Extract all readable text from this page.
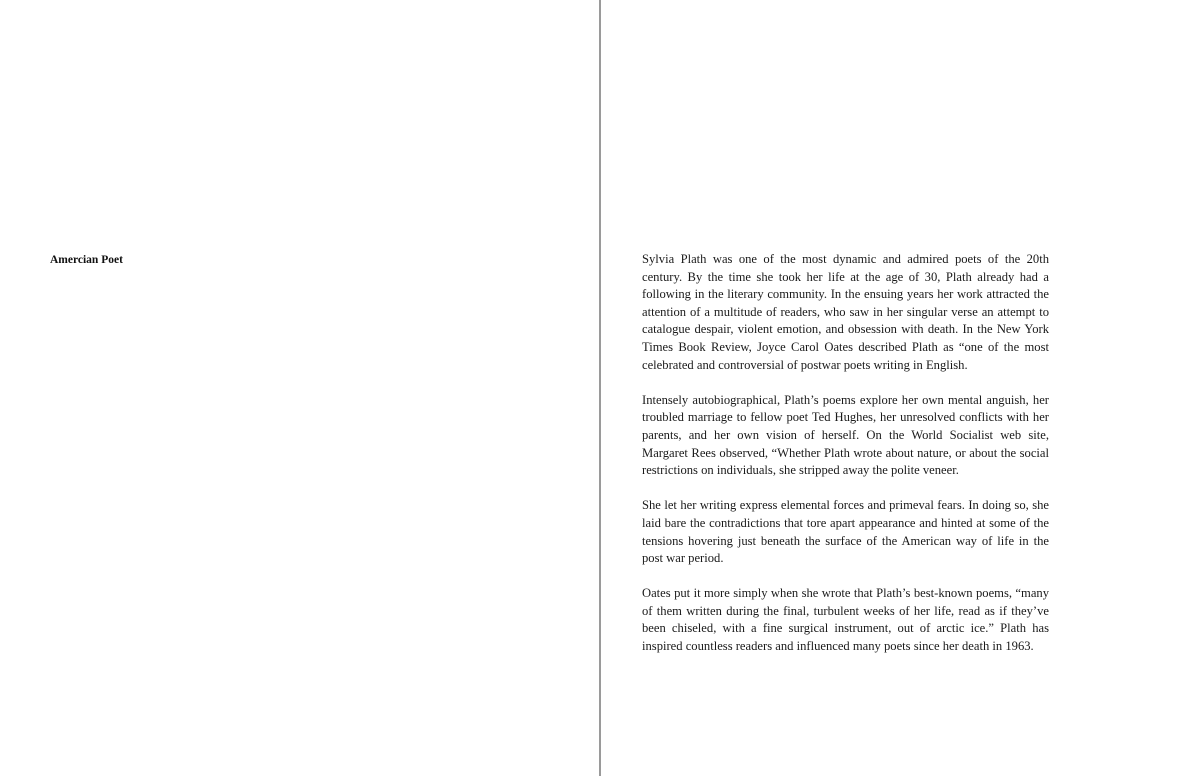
Amercian Poet	Sylvia Plath was one of the most dynamic and admired poets of the 20th century. By the time she took her life at the age of 30, Plath already had a following in the literary community. In the ensuing years her work attracted the attention of a multitude of readers, who saw in her singular verse an attempt to catalogue despair, violent emotion, and obsession with death. In the New York Times Book Review, Joyce Carol Oates described Plath as “one of the most celebrated and controversial of postwar poets writing in English.

Intensely autobiographical, Plath’s poems explore her own mental anguish, her troubled marriage to fellow poet Ted Hughes, her unresolved conflicts with her parents, and her own vision of herself. On the World Socialist web site, Margaret Rees observed, “Whether Plath wrote about nature, or about the social restrictions on individuals, she stripped away the polite veneer.

She let her writing express elemental forces and primeval fears. In doing so, she laid bare the contradictions that tore apart appearance and hinted at some of the tensions hovering just beneath the surface of the American way of life in the post war period.

Oates put it more simply when she wrote that Plath’s best-known poems, “many of them written during the final, turbulent weeks of her life, read as if they’ve been chiseled, with a fine surgical instrument, out of arctic ice.” Plath has inspired countless readers and influenced many poets since her death in 1963.
